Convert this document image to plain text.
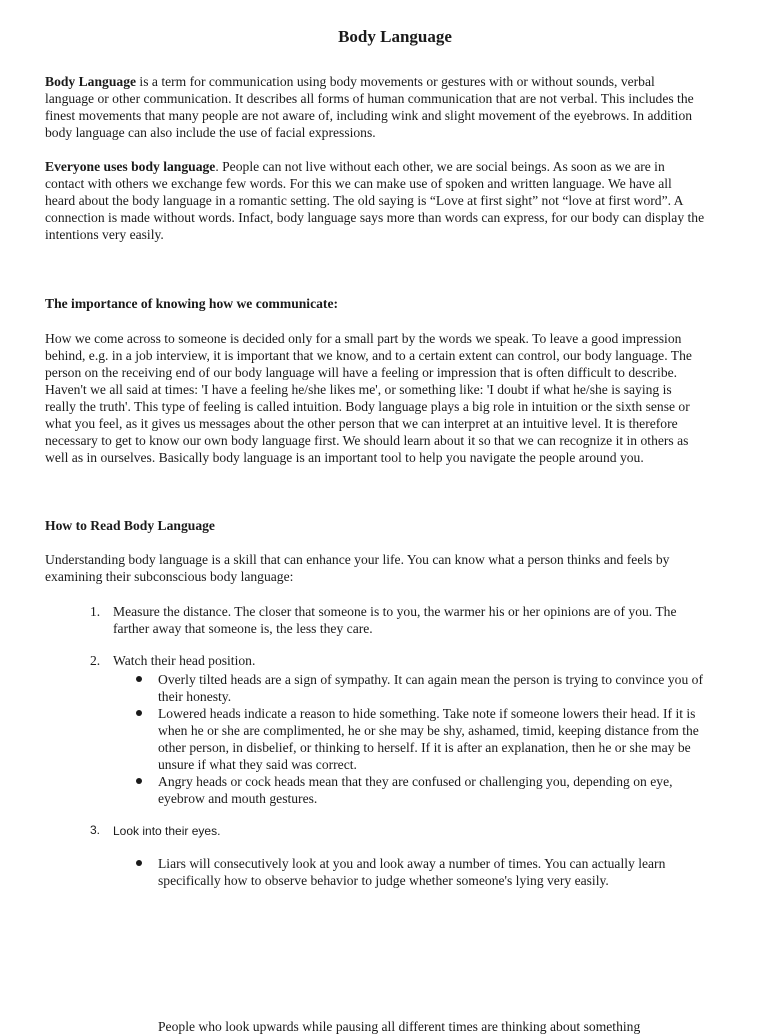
Body Language

Body Language is a term for communication using body movements or gestures with or without sounds, verbal language or other communication. It describes all forms of human communication that are not verbal. This includes the finest movements that many people are not aware of, including wink and slight movement of the eyebrows. In addition body language can also include the use of facial expressions.

Everyone uses body language. People can not live without each other, we are social beings. As soon as we are in contact with others we exchange few words. For this we can make use of spoken and written language. We have all heard about the body language in a romantic setting. The old saying is “Love at first sight” not “love at first word”. A connection is made without words. Infact, body language says more than words can express, for our body can display the intentions very easily.

The importance of knowing how we communicate:

How we come across to someone is decided only for a small part by the words we speak. To leave a good impression behind, e.g. in a job interview, it is important that we know, and to a certain extent can control, our body language. The person on the receiving end of our body language will have a feeling or impression that is often difficult to describe. Haven't we all said at times: 'I have a feeling he/she likes me', or something like: 'I doubt if what he/she is saying is really the truth'. This type of feeling is called intuition. Body language plays a big role in intuition or the sixth sense or what you feel, as it gives us messages about the other person that we can interpret at an intuitive level. It is therefore necessary to get to know our own body language first. We should learn about it so that we can recognize it in others as well as in ourselves. Basically body language is an important tool to help you navigate the people around you.

How to Read Body Language

Understanding body language is a skill that can enhance your life. You can know what a person thinks and feels by examining their subconscious body language:

1. Measure the distance. The closer that someone is to you, the warmer his or her opinions are of you. The farther away that someone is, the less they care.
2. Watch their head position.
Overly tilted heads are a sign of sympathy. It can again mean the person is trying to convince you of their honesty.
Lowered heads indicate a reason to hide something. Take note if someone lowers their head. If it is when he or she are complimented, he or she may be shy, ashamed, timid, keeping distance from the other person, in disbelief, or thinking to herself. If it is after an explanation, then he or she may be unsure if what they said was correct.
Angry heads or cock heads mean that they are confused or challenging you, depending on eye, eyebrow and mouth gestures.
3. Look into their eyes.
Liars will consecutively look at you and look away a number of times. You can actually learn specifically how to observe behavior to judge whether someone's lying very easily.
People who look upwards while pausing all different times are thinking about something
